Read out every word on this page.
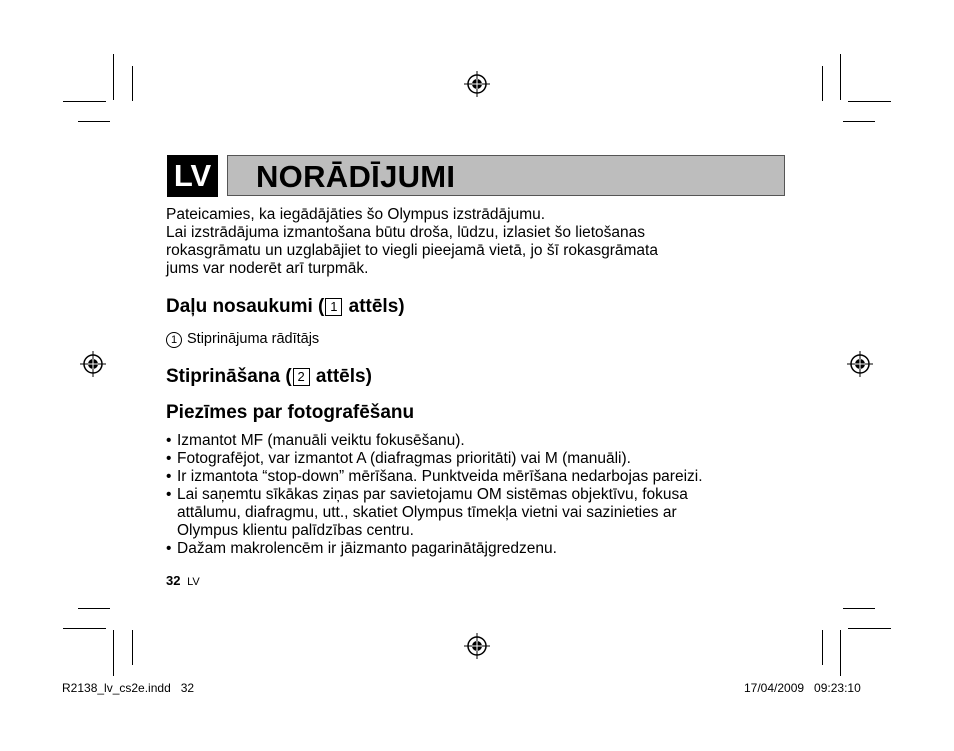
LV NORĀDĪJUMI
Pateicamies, ka iegādājāties šo Olympus izstrādājumu.
Lai izstrādājuma izmantošana būtu droša, lūdzu, izlasiet šo lietošanas
rokasgrāmatu un uzglabājiet to viegli pieejamā vietā, jo šī rokasgrāmata
jums var noderēt arī turpmāk.
Daļu nosaukumi ( 1 attēls)
1 Stiprinājuma rādītājs
Stiprināšana ( 2 attēls)
Piezīmes par fotografēšanu
• Izmantot MF (manuāli veiktu fokusēšanu).
• Fotografējot, var izmantot A (diafragmas prioritāti) vai M (manuāli).
• Ir izmantota “stop-down” mērīšana. Punktveida mērīšana nedarbojas pareizi.
• Lai saņemtu sīkākas ziņas par savietojamu OM sistēmas objektīvu, fokusa
attālumu, diafragmu, utt., skatiet Olympus tīmekļa vietni vai sazinieties ar
Olympus klientu palīdzības centru.
• Dažam makrolencēm ir jāizmanto pagarinātājgredzenu.
32 LV
R2138_lv_cs2e.indd   32	17/04/2009   09:23:10
